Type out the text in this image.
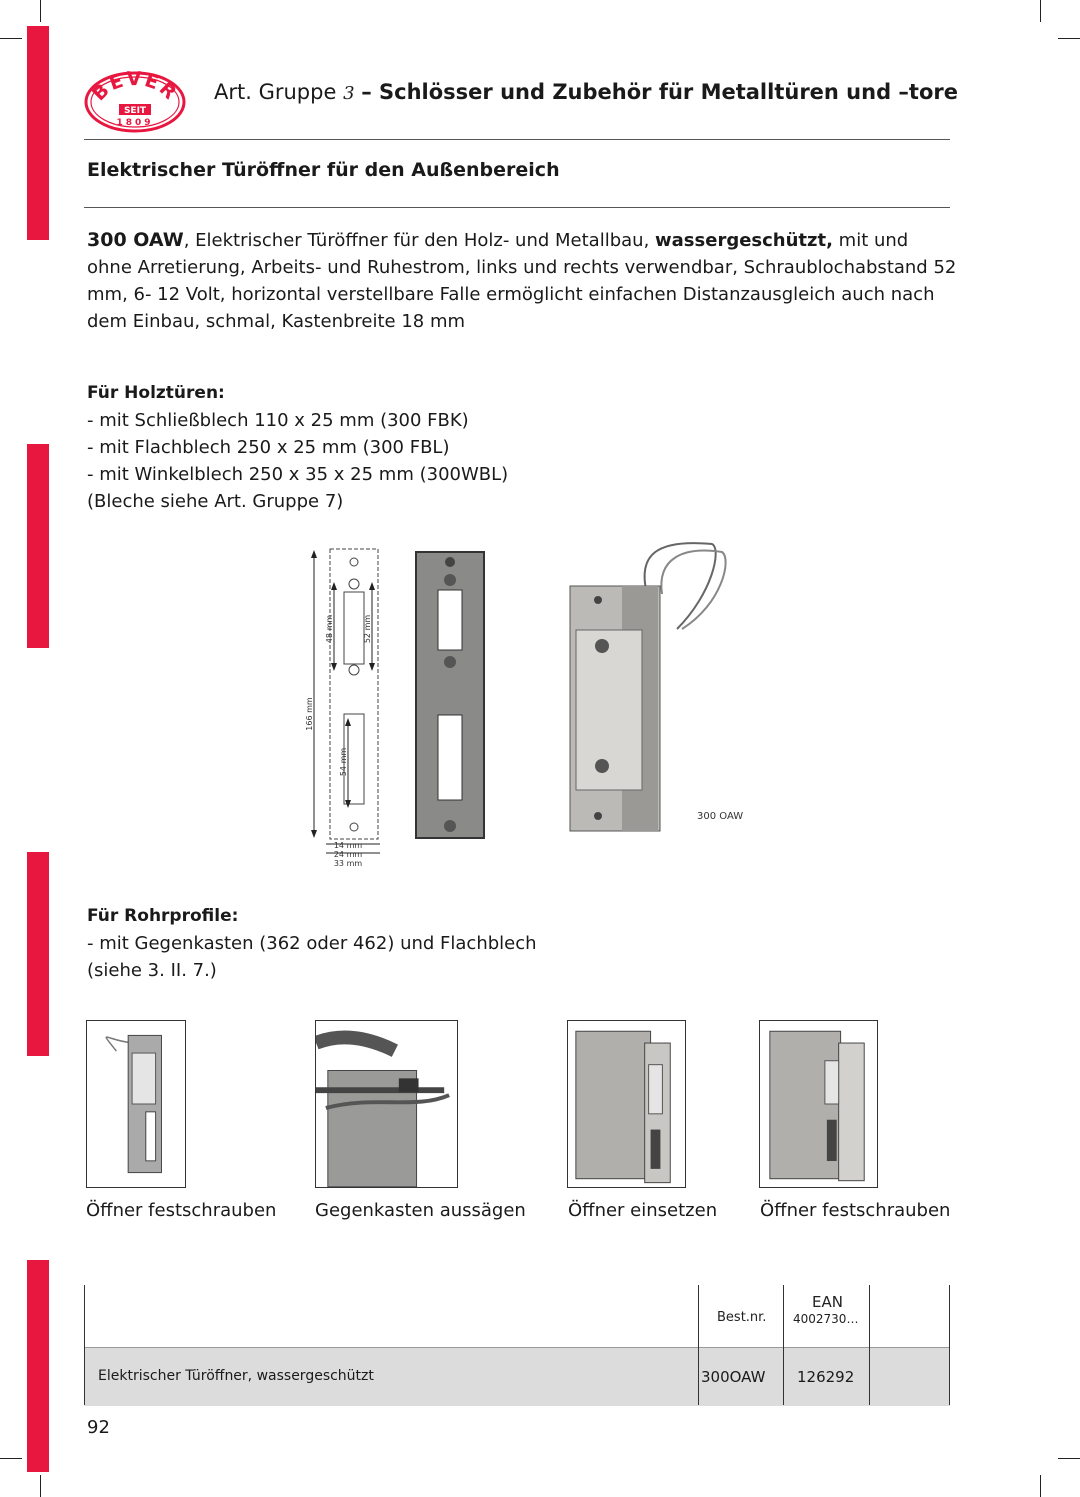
BEVER
SEIT
1809
Art. Gruppe 3 – Schlösser und Zubehör für Metalltüren und –tore
Elektrischer Türöffner für den Außenbereich
300 OAW, Elektrischer Türöffner für den Holz- und Metallbau, wassergeschützt, mit und ohne Arretierung, Arbeits- und Ruhestrom, links und rechts verwendbar, Schraublochabstand 52 mm, 6- 12 Volt, horizontal verstellbare Falle ermöglicht einfachen Distanzausgleich auch nach dem Einbau, schmal, Kastenbreite 18 mm
Für Holztüren:
- mit Schließblech 110 x 25 mm (300 FBK)
- mit Flachblech 250 x 25 mm (300 FBL)
- mit Winkelblech 250 x 35 x 25 mm (300WBL)
(Bleche siehe Art. Gruppe 7)
166 mm
48 mm	52 mm
54 mm
14 mm
24 mm
33 mm
300 OAW
Für Rohrprofile:
- mit Gegenkasten (362 oder 462) und Flachblech
(siehe 3. II. 7.)
Öffner festschrauben Gegenkasten aussägen Öffner einsetzen Öffner festschrauben
Elektrischer Türöffner, wassergeschützt	300OAW 126292
Best.nr.
EAN
4002730…
92
